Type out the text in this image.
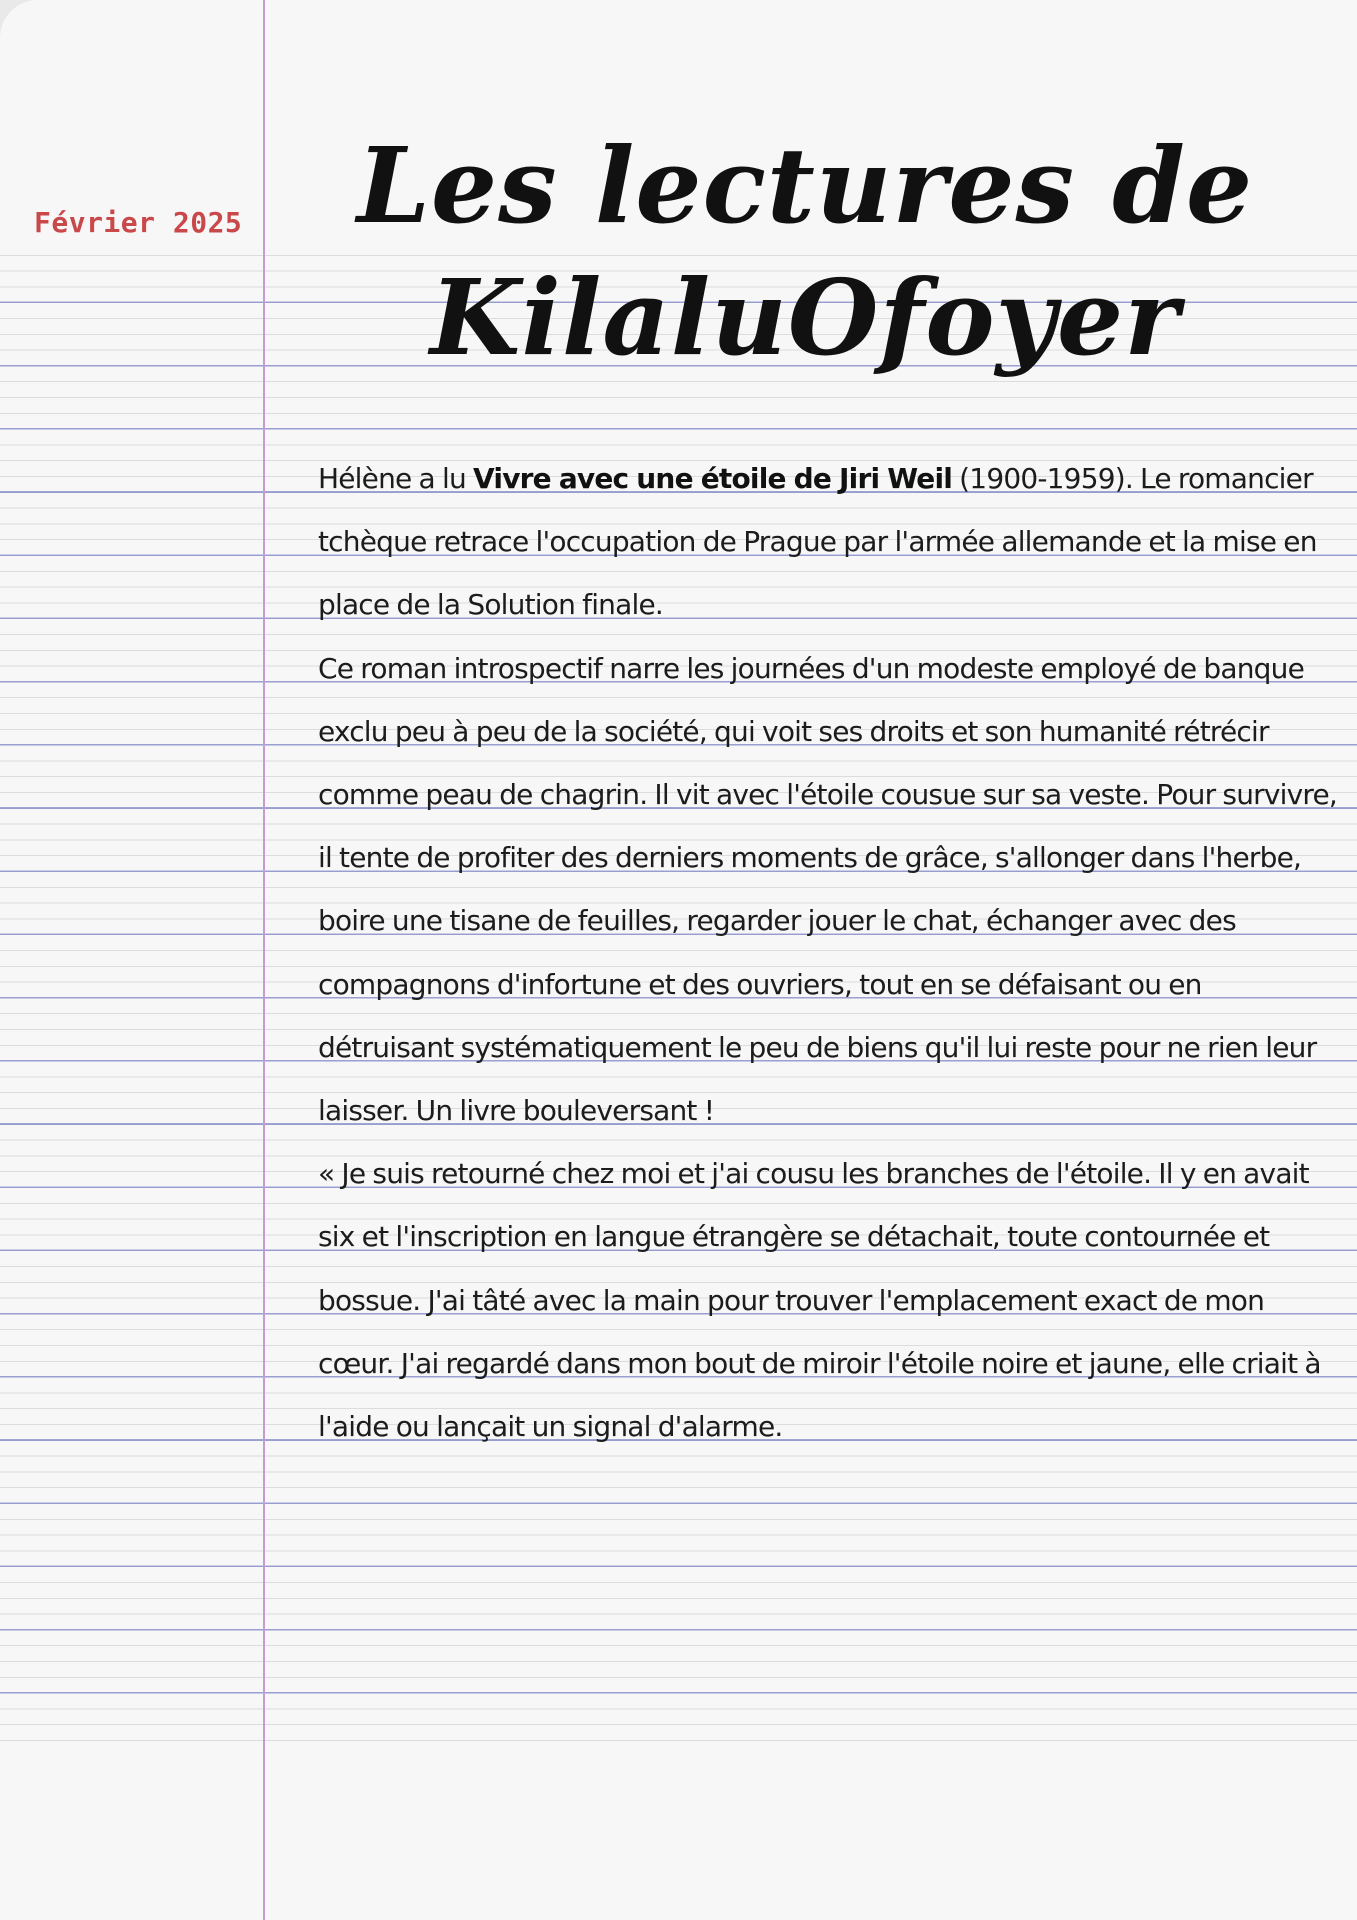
Février 2025 Les lectures de
KilaluOfoyer

Hélène a lu Vivre avec une étoile de Jiri Weil (1900-1959). Le romancier tchèque retrace l'occupation de Prague par l'armée allemande et la mise en place de la Solution finale.

Ce roman introspectif narre les journées d'un modeste employé de banque exclu peu à peu de la société, qui voit ses droits et son humanité rétrécir comme peau de chagrin. Il vit avec l'étoile cousue sur sa veste. Pour survivre, il tente de profiter des derniers moments de grâce, s'allonger dans l'herbe, boire une tisane de feuilles, regarder jouer le chat, échanger avec des compagnons d'infortune et des ouvriers, tout en se défaisant ou en détruisant systématiquement le peu de biens qu'il lui reste pour ne rien leur laisser. Un livre bouleversant !

« Je suis retourné chez moi et j'ai cousu les branches de l'étoile. Il y en avait six et l'inscription en langue étrangère se détachait, toute contournée et bossue. J'ai tâté avec la main pour trouver l'emplacement exact de mon cœur. J'ai regardé dans mon bout de miroir l'étoile noire et jaune, elle criait à l'aide ou lançait un signal d'alarme.
